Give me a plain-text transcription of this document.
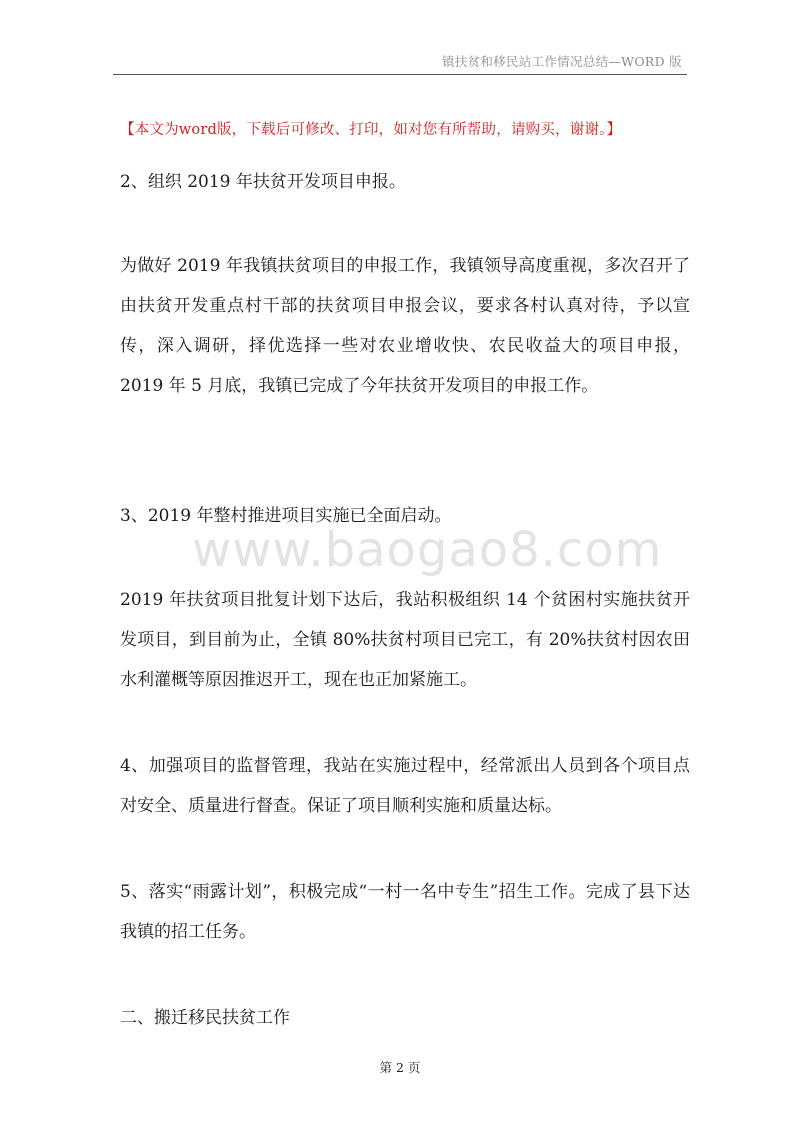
镇扶贫和移民站工作情况总结—WORD 版
【本文为word版，下载后可修改、打印，如对您有所帮助，请购买，谢谢。】
2、组织 2019 年扶贫开发项目申报。
为做好 2019 年我镇扶贫项目的申报工作，我镇领导高度重视，多次召开了由扶贫开发重点村干部的扶贫项目申报会议，要求各村认真对待，予以宣传，深入调研，择优选择一些对农业增收快、农民收益大的项目申报，2019 年 5 月底，我镇已完成了今年扶贫开发项目的申报工作。
3、2019 年整村推进项目实施已全面启动。
www.baogao8.com
2019 年扶贫项目批复计划下达后，我站积极组织 14 个贫困村实施扶贫开发项目，到目前为止，全镇 80%扶贫村项目已完工，有 20%扶贫村因农田水利灌概等原因推迟开工，现在也正加紧施工。
4、加强项目的监督管理，我站在实施过程中，经常派出人员到各个项目点对安全、质量进行督查。保证了项目顺利实施和质量达标。
5、落实“雨露计划”，积极完成“一村一名中专生”招生工作。完成了县下达我镇的招工任务。
二、搬迁移民扶贫工作
第 2 页
